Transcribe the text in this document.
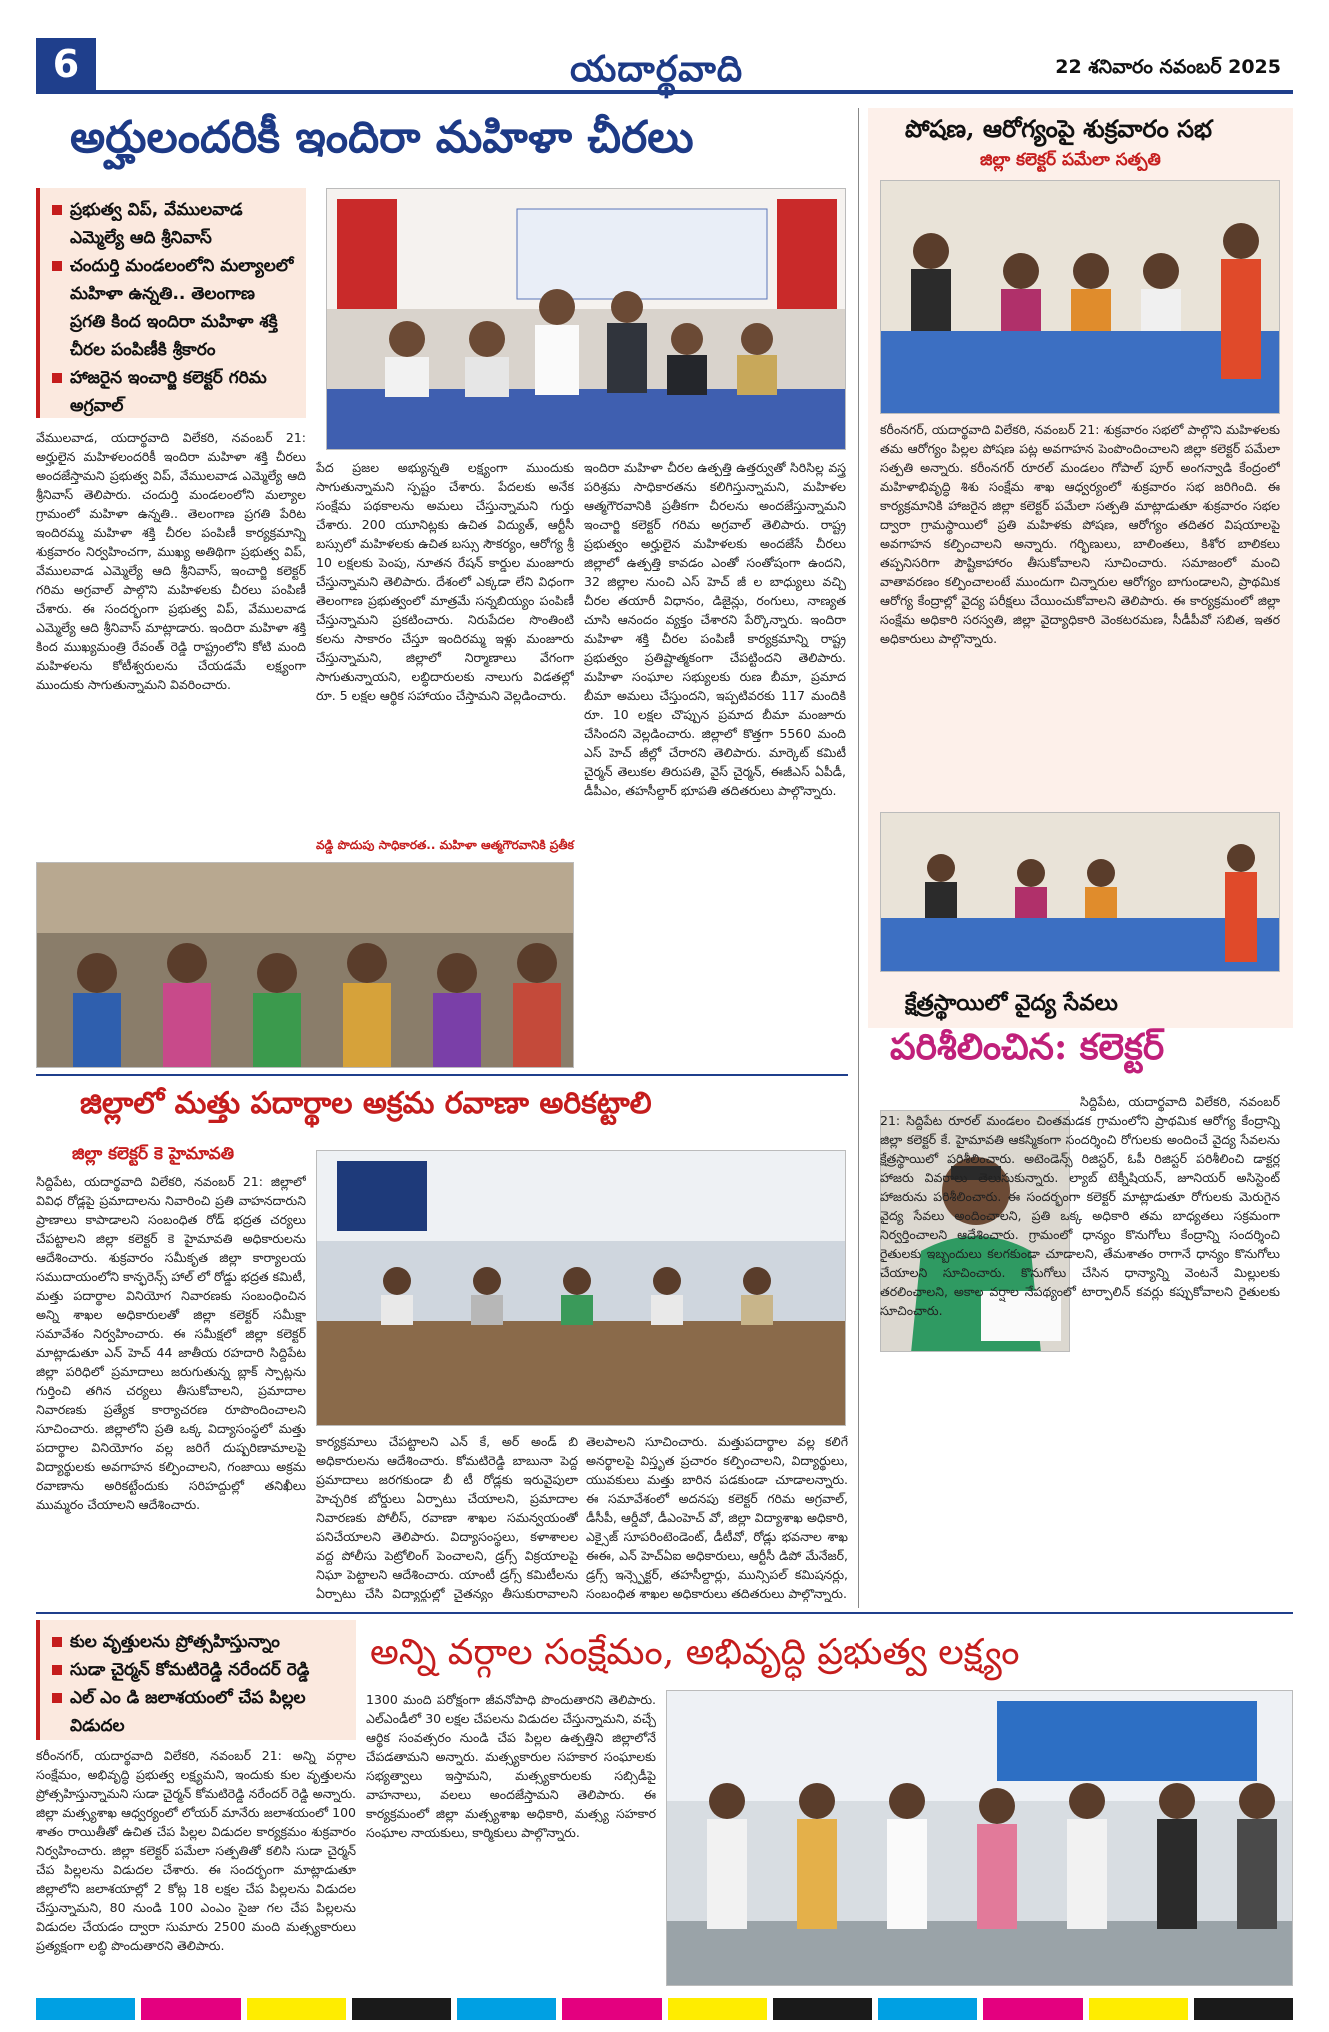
6	యదార్థవాది	22 శనివారం నవంబర్ 2025
అర్హులందరికీ ఇందిరా మహిళా చీరలు
ప్రభుత్వ విప్, వేములవాడ ఎమ్మెల్యే ఆది శ్రీనివాస్
చందుర్తి మండలంలోని మల్యాలలో మహిళా ఉన్నతి.. తెలంగాణ ప్రగతి కింద ఇందిరా మహిళా శక్తి చీరల పంపిణీకి శ్రీకారం
హాజరైన ఇంచార్జి కలెక్టర్ గరిమ అగ్రవాల్
వేములవాడ, యదార్థవాది విలేకరి, నవంబర్ 21: అర్హులైన మహిళలందరికీ ఇందిరా మహిళా శక్తి చీరలు అందజేస్తామని ప్రభుత్వ విప్, వేములవాడ ఎమ్మెల్యే ఆది శ్రీనివాస్ తెలిపారు. చందుర్తి మండలంలోని మల్యాల గ్రామంలో మహిళా ఉన్నతి.. తెలంగాణ ప్రగతి పేరిట ఇందిరమ్మ మహిళా శక్తి చీరల పంపిణీ కార్యక్రమాన్ని శుక్రవారం నిర్వహించగా, ముఖ్య అతిథిగా ప్రభుత్వ విప్, వేములవాడ ఎమ్మెల్యే ఆది శ్రీనివాస్, ఇంచార్జి కలెక్టర్ గరిమ అగ్రవాల్ పాల్గొని మహిళలకు చీరలు పంపిణీ చేశారు. ఈ సందర్భంగా ప్రభుత్వ విప్, వేములవాడ ఎమ్మెల్యే ఆది శ్రీనివాస్ మాట్లాడారు. ఇందిరా మహిళా శక్తి కింద ముఖ్యమంత్రి రేవంత్ రెడ్డి రాష్ట్రంలోని కోటి మంది మహిళలను కోటీశ్వరులను చేయడమే లక్ష్యంగా ముందుకు సాగుతున్నామని వివరించారు.
పేద ప్రజల అభ్యున్నతి లక్ష్యంగా ముందుకు సాగుతున్నామని స్పష్టం చేశారు. పేదలకు అనేక సంక్షేమ పథకాలను అమలు చేస్తున్నామని గుర్తు చేశారు. 200 యూనిట్లకు ఉచిత విద్యుత్, ఆర్టీసీ బస్సులో మహిళలకు ఉచిత బస్సు సౌకర్యం, ఆరోగ్య శ్రీ 10 లక్షలకు పెంపు, నూతన రేషన్ కార్డుల మంజూరు చేస్తున్నామని తెలిపారు. దేశంలో ఎక్కడా లేని విధంగా తెలంగాణ ప్రభుత్వంలో మాత్రమే సన్నబియ్యం పంపిణీ చేస్తున్నామని ప్రకటించారు. నిరుపేదల సొంతింటి కలను సాకారం చేస్తూ ఇందిరమ్మ ఇళ్లు మంజూరు చేస్తున్నామని, జిల్లాలో నిర్మాణాలు వేగంగా సాగుతున్నాయని, లబ్ధిదారులకు నాలుగు విడతల్లో రూ. 5 లక్షల ఆర్థిక సహాయం చేస్తామని వెల్లడించారు.
వడ్డి పొదుపు సాధికారత.. మహిళా ఆత్మగౌరవానికి ప్రతీక
ఇందిరా మహిళా చీరల ఉత్పత్తి ఉత్తర్వుతో సిరిసిల్ల వస్త్ర పరిశ్రమ సాధికారతను కలిగిస్తున్నామని, మహిళల ఆత్మగౌరవానికి ప్రతీకగా చీరలను అందజేస్తున్నామని ఇంచార్జి కలెక్టర్ గరిమ అగ్రవాల్ తెలిపారు. రాష్ట్ర ప్రభుత్వం అర్హులైన మహిళలకు అందజేసే చీరలు జిల్లాలో ఉత్పత్తి కావడం ఎంతో సంతోషంగా ఉందని, 32 జిల్లాల నుంచి ఎస్ హెచ్ జీ ల బాధ్యులు వచ్చి చీరల తయారీ విధానం, డిజైన్లు, రంగులు, నాణ్యత చూసి ఆనందం వ్యక్తం చేశారని పేర్కొన్నారు. ఇందిరా మహిళా శక్తి చీరల పంపిణీ కార్యక్రమాన్ని రాష్ట్ర ప్రభుత్వం ప్రతిష్టాత్మకంగా చేపట్టిందని తెలిపారు. మహిళా సంఘాల సభ్యులకు రుణ బీమా, ప్రమాద బీమా అమలు చేస్తుందని, ఇప్పటివరకు 117 మందికి రూ. 10 లక్షల చొప్పున ప్రమాద బీమా మంజూరు చేసిందని వెల్లడించారు. జిల్లాలో కొత్తగా 5560 మంది ఎస్ హెచ్ జీల్లో చేరారని తెలిపారు. మార్కెట్ కమిటీ చైర్మన్ తెలుకల తిరుపతి, వైస్ చైర్మన్, ఈజీఎస్ ఏపీడీ, డీపీఎం, తహసీల్దార్ భూపతి తదితరులు పాల్గొన్నారు.
పోషణ, ఆరోగ్యంపై శుక్రవారం సభ
జిల్లా కలెక్టర్ పమేలా సత్పతి
కరీంనగర్, యదార్థవాది విలేకరి, నవంబర్ 21: శుక్రవారం సభలో పాల్గొని మహిళలకు తమ ఆరోగ్యం పిల్లల పోషణ పట్ల అవగాహన పెంపొందించాలని జిల్లా కలెక్టర్ పమేలా సత్పతి అన్నారు. కరీంనగర్ రూరల్ మండలం గోపాల్ పూర్ అంగన్వాడి కేంద్రంలో మహిళాభివృద్ధి శిశు సంక్షేమ శాఖ ఆధ్వర్యంలో శుక్రవారం సభ జరిగింది. ఈ కార్యక్రమానికి హాజరైన జిల్లా కలెక్టర్ పమేలా సత్పతి మాట్లాడుతూ శుక్రవారం సభల ద్వారా గ్రామస్థాయిలో ప్రతి మహిళకు పోషణ, ఆరోగ్యం తదితర విషయాలపై అవగాహన కల్పించాలని అన్నారు. గర్భిణులు, బాలింతలు, కిశోర బాలికలు తప్పనిసరిగా పౌష్టికాహారం తీసుకోవాలని సూచించారు. సమాజంలో మంచి వాతావరణం కల్పించాలంటే ముందుగా చిన్నారుల ఆరోగ్యం బాగుండాలని, ప్రాథమిక ఆరోగ్య కేంద్రాల్లో వైద్య పరీక్షలు చేయించుకోవాలని తెలిపారు. ఈ కార్యక్రమంలో జిల్లా సంక్షేమ అధికారి సరస్వతి, జిల్లా వైద్యాధికారి వెంకటరమణ, సీడీపీవో సబిత, ఇతర అధికారులు పాల్గొన్నారు.
క్షేత్రస్థాయిలో వైద్య సేవలు
పరిశీలించిన: కలెక్టర్
సిద్దిపేట, యదార్థవాది విలేకరి, నవంబర్ 21: సిద్దిపేట రూరల్ మండలం చింతమడక గ్రామంలోని ప్రాథమిక ఆరోగ్య కేంద్రాన్ని జిల్లా కలెక్టర్ కే. హైమావతి ఆకస్మికంగా సందర్శించి రోగులకు అందించే వైద్య సేవలను క్షేత్రస్థాయిలో పరిశీలించారు. అటెండెన్స్ రిజిస్టర్, ఓపీ రిజిస్టర్ పరిశీలించి డాక్టర్ల హాజరు వివరాలు తెలుసుకున్నారు. ల్యాబ్ టెక్నీషియన్, జూనియర్ అసిస్టెంట్ హాజరును పరిశీలించారు. ఈ సందర్భంగా కలెక్టర్ మాట్లాడుతూ రోగులకు మెరుగైన వైద్య సేవలు అందించాలని, ప్రతి ఒక్క అధికారి తమ బాధ్యతలు సక్రమంగా నిర్వర్తించాలని ఆదేశించారు. గ్రామంలో ధాన్యం కొనుగోలు కేంద్రాన్ని సందర్శించి రైతులకు ఇబ్బందులు కలగకుండా చూడాలని, తేమశాతం రాగానే ధాన్యం కొనుగోలు చేయాలని సూచించారు. కొనుగోలు చేసిన ధాన్యాన్ని వెంటనే మిల్లులకు తరలించాలని, అకాల వర్షాల నేపథ్యంలో టార్పాలిన్ కవర్లు కప్పుకోవాలని రైతులకు సూచించారు.
జిల్లాలో మత్తు పదార్థాల అక్రమ రవాణా అరికట్టాలి
జిల్లా కలెక్టర్ కె హైమావతి
సిద్దిపేట, యదార్థవాది విలేకరి, నవంబర్ 21: జిల్లాలో వివిధ రోడ్లపై ప్రమాదాలను నివారించి ప్రతి వాహనదారుని ప్రాణాలు కాపాడాలని సంబంధిత రోడ్ భద్రత చర్యలు చేపట్టాలని జిల్లా కలెక్టర్ కె హైమావతి అధికారులను ఆదేశించారు. శుక్రవారం సమీకృత జిల్లా కార్యాలయ సముదాయంలోని కాన్ఫరెన్స్ హాల్ లో రోడ్డు భద్రత కమిటీ, మత్తు పదార్థాల వినియోగ నివారణకు సంబంధించిన అన్ని శాఖల అధికారులతో జిల్లా కలెక్టర్ సమీక్షా సమావేశం నిర్వహించారు. ఈ సమీక్షలో జిల్లా కలెక్టర్ మాట్లాడుతూ ఎన్ హెచ్ 44 జాతీయ రహదారి సిద్దిపేట జిల్లా పరిధిలో ప్రమాదాలు జరుగుతున్న బ్లాక్ స్పాట్లను గుర్తించి తగిన చర్యలు తీసుకోవాలని, ప్రమాదాల నివారణకు ప్రత్యేక కార్యాచరణ రూపొందించాలని సూచించారు. జిల్లాలోని ప్రతి ఒక్క విద్యాసంస్థలో మత్తు పదార్థాల వినియోగం వల్ల జరిగే దుష్పరిణామాలపై విద్యార్థులకు అవగాహన కల్పించాలని, గంజాయి అక్రమ రవాణాను అరికట్టేందుకు సరిహద్దుల్లో తనిఖీలు ముమ్మరం చేయాలని ఆదేశించారు.
కార్యక్రమాలు చేపట్టాలని ఎన్ కే, అర్ అండ్ బి అధికారులను ఆదేశించారు. కోమటిరెడ్డి బాబునా పెద్ద ప్రమాదాలు జరగకుండా బీ టీ రోడ్లకు ఇరువైపులా హెచ్చరిక బోర్డులు ఏర్పాటు చేయాలని, ప్రమాదాల నివారణకు పోలీస్, రవాణా శాఖల సమన్వయంతో పనిచేయాలని తెలిపారు. విద్యాసంస్థలు, కళాశాలల వద్ద పోలీసు పెట్రోలింగ్ పెంచాలని, డ్రగ్స్ విక్రయాలపై నిఘా పెట్టాలని ఆదేశించారు. యాంటీ డ్రగ్స్ కమిటీలను ఏర్పాటు చేసి విద్యార్థుల్లో చైతన్యం తీసుకురావాలని
తెలపాలని సూచించారు. మత్తుపదార్థాల వల్ల కలిగే అనర్థాలపై విస్తృత ప్రచారం కల్పించాలని, విద్యార్థులు, యువకులు మత్తు బారిన పడకుండా చూడాలన్నారు. ఈ సమావేశంలో అదనపు కలెక్టర్ గరిమ అగ్రవాల్, డీసీపీ, ఆర్డీవో, డీఎంహెచ్ వో, జిల్లా విద్యాశాఖ అధికారి, ఎక్సైజ్ సూపరింటెండెంట్, డీటీవో, రోడ్లు భవనాల శాఖ ఈఈ, ఎన్ హెచ్ఏఐ అధికారులు, ఆర్టీసీ డిపో మేనేజర్, డ్రగ్స్ ఇన్స్పెక్టర్, తహసీల్దార్లు, మున్సిపల్ కమిషనర్లు, సంబంధిత శాఖల అధికారులు తదితరులు పాల్గొన్నారు.
కుల వృత్తులను ప్రోత్సహిస్తున్నాం
సుడా చైర్మన్ కోమటిరెడ్డి నరేందర్ రెడ్డి
ఎల్ ఎం డి జలాశయంలో చేప పిల్లల విడుదల
అన్ని వర్గాల సంక్షేమం, అభివృద్ధి ప్రభుత్వ లక్ష్యం
కరీంనగర్, యదార్థవాది విలేకరి, నవంబర్ 21: అన్ని వర్గాల సంక్షేమం, అభివృద్ధి ప్రభుత్వ లక్ష్యమని, ఇందుకు కుల వృత్తులను ప్రోత్సహిస్తున్నామని సుడా చైర్మన్ కోమటిరెడ్డి నరేందర్ రెడ్డి అన్నారు. జిల్లా మత్స్యశాఖ ఆధ్వర్యంలో లోయర్ మానేరు జలాశయంలో 100 శాతం రాయితీతో ఉచిత చేప పిల్లల విడుదల కార్యక్రమం శుక్రవారం నిర్వహించారు. జిల్లా కలెక్టర్ పమేలా సత్పతితో కలిసి సుడా చైర్మన్ చేప పిల్లలను విడుదల చేశారు. ఈ సందర్భంగా మాట్లాడుతూ జిల్లాలోని జలాశయాల్లో 2 కోట్ల 18 లక్షల చేప పిల్లలను విడుదల చేస్తున్నామని, 80 నుండి 100 ఎంఎం సైజు గల చేప పిల్లలను విడుదల చేయడం ద్వారా సుమారు 2500 మంది మత్స్యకారులు ప్రత్యక్షంగా లబ్ధి పొందుతారని తెలిపారు.
1300 మంది పరోక్షంగా జీవనోపాధి పొందుతారని తెలిపారు. ఎల్ఎండీలో 30 లక్షల చేపలను విడుదల చేస్తున్నామని, వచ్చే ఆర్థిక సంవత్సరం నుండి చేప పిల్లల ఉత్పత్తిని జిల్లాలోనే చేపడతామని అన్నారు. మత్స్యకారుల సహకార సంఘాలకు సభ్యత్వాలు ఇస్తామని, మత్స్యకారులకు సబ్సిడీపై వాహనాలు, వలలు అందజేస్తామని తెలిపారు. ఈ కార్యక్రమంలో జిల్లా మత్స్యశాఖ అధికారి, మత్స్య సహకార సంఘాల నాయకులు, కార్మికులు పాల్గొన్నారు.
